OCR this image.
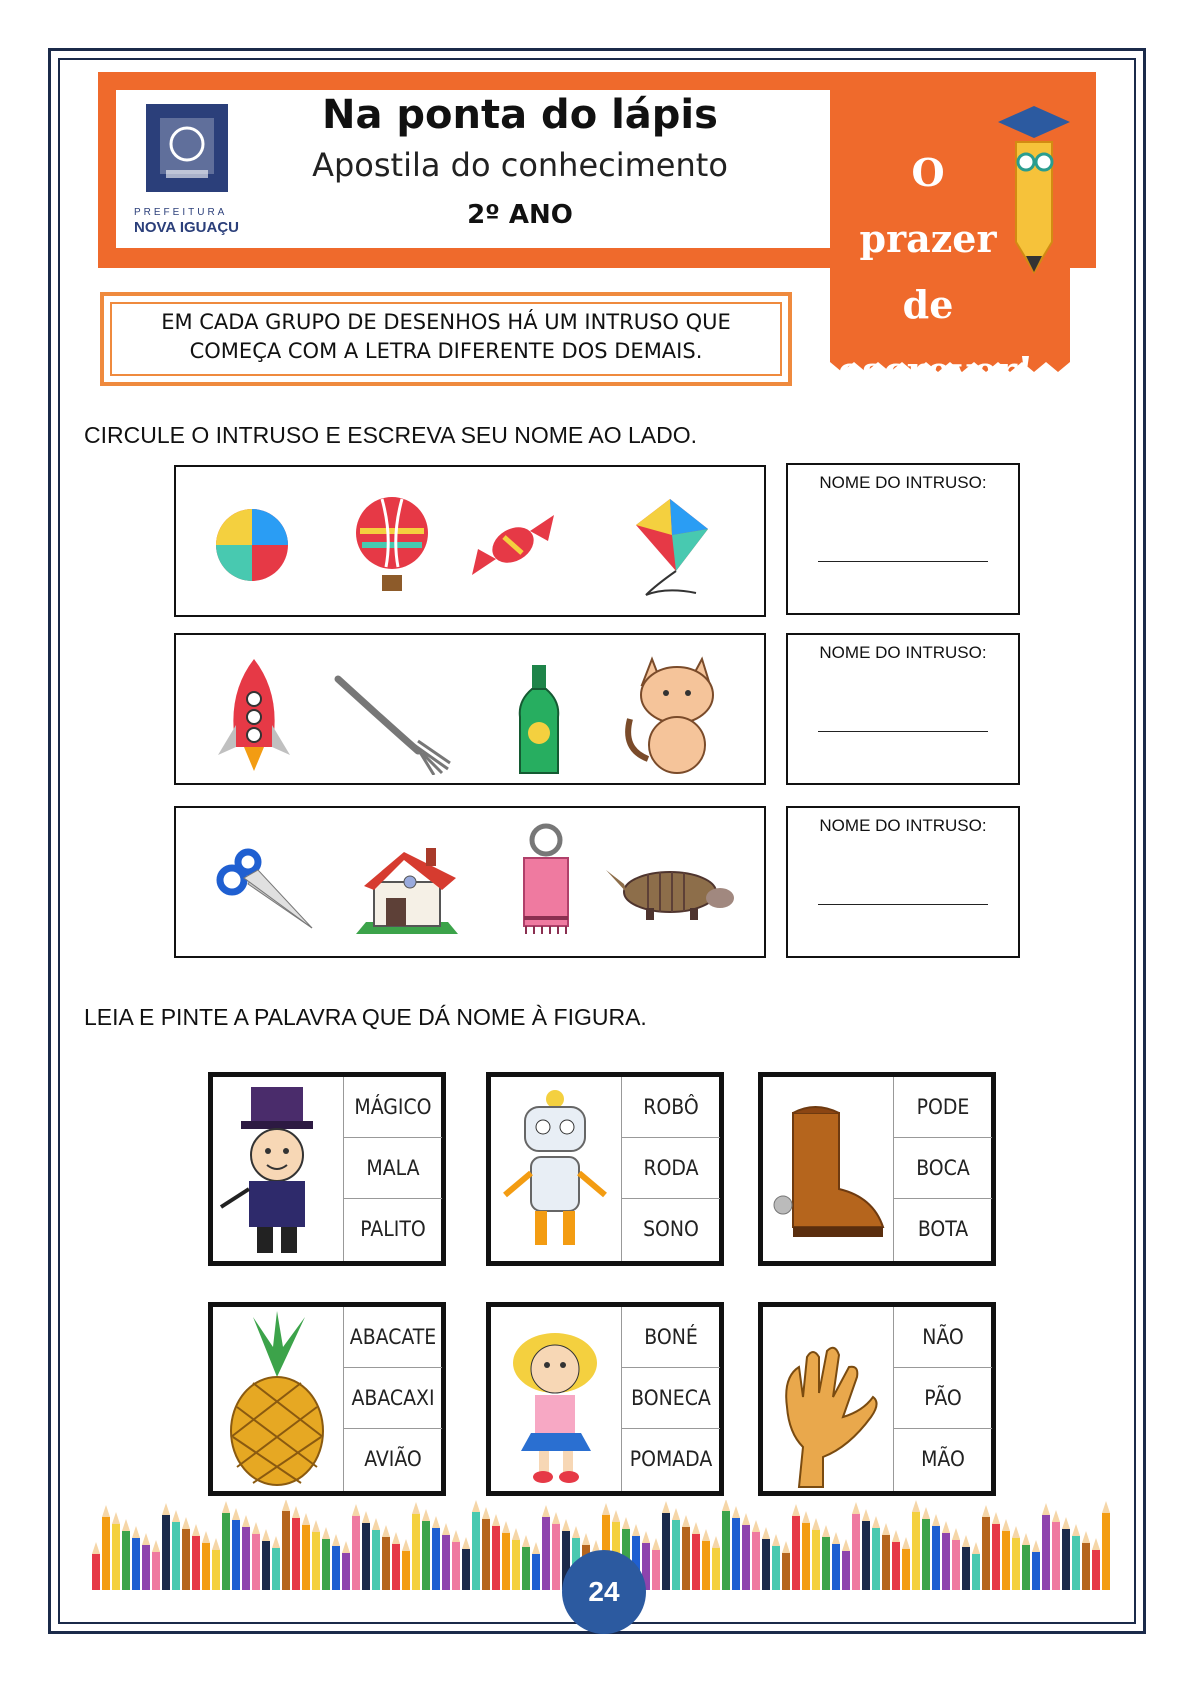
PREFEITURA
NOVA IGUAÇU
Na ponta do lápis
Apostila do conhecimento
2º ANO
O prazer
de
escrever!
EM CADA GRUPO DE DESENHOS HÁ UM INTRUSO QUE
COMEÇA COM A LETRA DIFERENTE DOS DEMAIS.
CIRCULE O INTRUSO E ESCREVA SEU NOME AO LADO.
NOME DO INTRUSO:
NOME DO INTRUSO:
NOME DO INTRUSO:
LEIA E PINTE A PALAVRA QUE DÁ NOME À FIGURA.
MÁGICO
MALA
PALITO
ROBÔ
RODA
SONO
PODE
BOCA
BOTA
ABACATE
ABACAXI
AVIÃO
BONÉ
BONECA
POMADA
NÃO
PÃO
MÃO
24
